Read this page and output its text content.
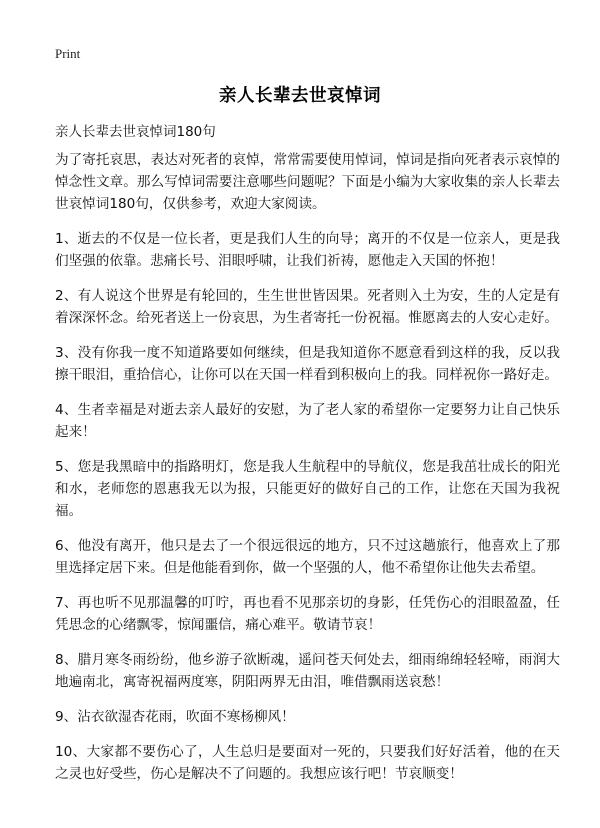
Print
亲人长辈去世哀悼词
亲人长辈去世哀悼词180句

为了寄托哀思，表达对死者的哀悼，常常需要使用悼词，悼词是指向死者表示哀悼的悼念性文章。那么写悼词需要注意哪些问题呢？下面是小编为大家收集的亲人长辈去世哀悼词180句，仅供参考，欢迎大家阅读。

1、逝去的不仅是一位长者，更是我们人生的向导；离开的不仅是一位亲人，更是我们坚强的依靠。悲痛长号、泪眼呼啸，让我们祈祷，愿他走入天国的怀抱！

2、有人说这个世界是有轮回的，生生世世皆因果。死者则入土为安，生的人定是有着深深怀念。给死者送上一份哀思，为生者寄托一份祝福。惟愿离去的人安心走好。

3、没有你我一度不知道路要如何继续，但是我知道你不愿意看到这样的我，反以我擦干眼泪，重拾信心，让你可以在天国一样看到积极向上的我。同样祝你一路好走。

4、生者幸福是对逝去亲人最好的安慰，为了老人家的希望你一定要努力让自己快乐起来！

5、您是我黑暗中的指路明灯，您是我人生航程中的导航仪，您是我茁壮成长的阳光和水，老师您的恩惠我无以为报，只能更好的做好自己的工作，让您在天国为我祝福。

6、他没有离开，他只是去了一个很远很远的地方，只不过这趟旅行，他喜欢上了那里选择定居下来。但是他能看到你，做一个坚强的人，他不希望你让他失去希望。

7、再也听不见那温馨的叮咛，再也看不见那亲切的身影，任凭伤心的泪眼盈盈，任凭思念的心绪飘零，惊闻噩信，痛心难平。敬请节哀！

8、腊月寒冬雨纷纷，他乡游子欲断魂，遥问苍天何处去，细雨绵绵轻轻啼，雨润大地遍南北，寓寄祝福两度寒，阴阳两界无由泪，唯借飘雨送哀愁！

9、沾衣欲湿杏花雨，吹面不寒杨柳风！

10、大家都不要伤心了，人生总归是要面对一死的，只要我们好好活着，他的在天之灵也好受些，伤心是解决不了问题的。我想应该行吧！节哀顺变！
